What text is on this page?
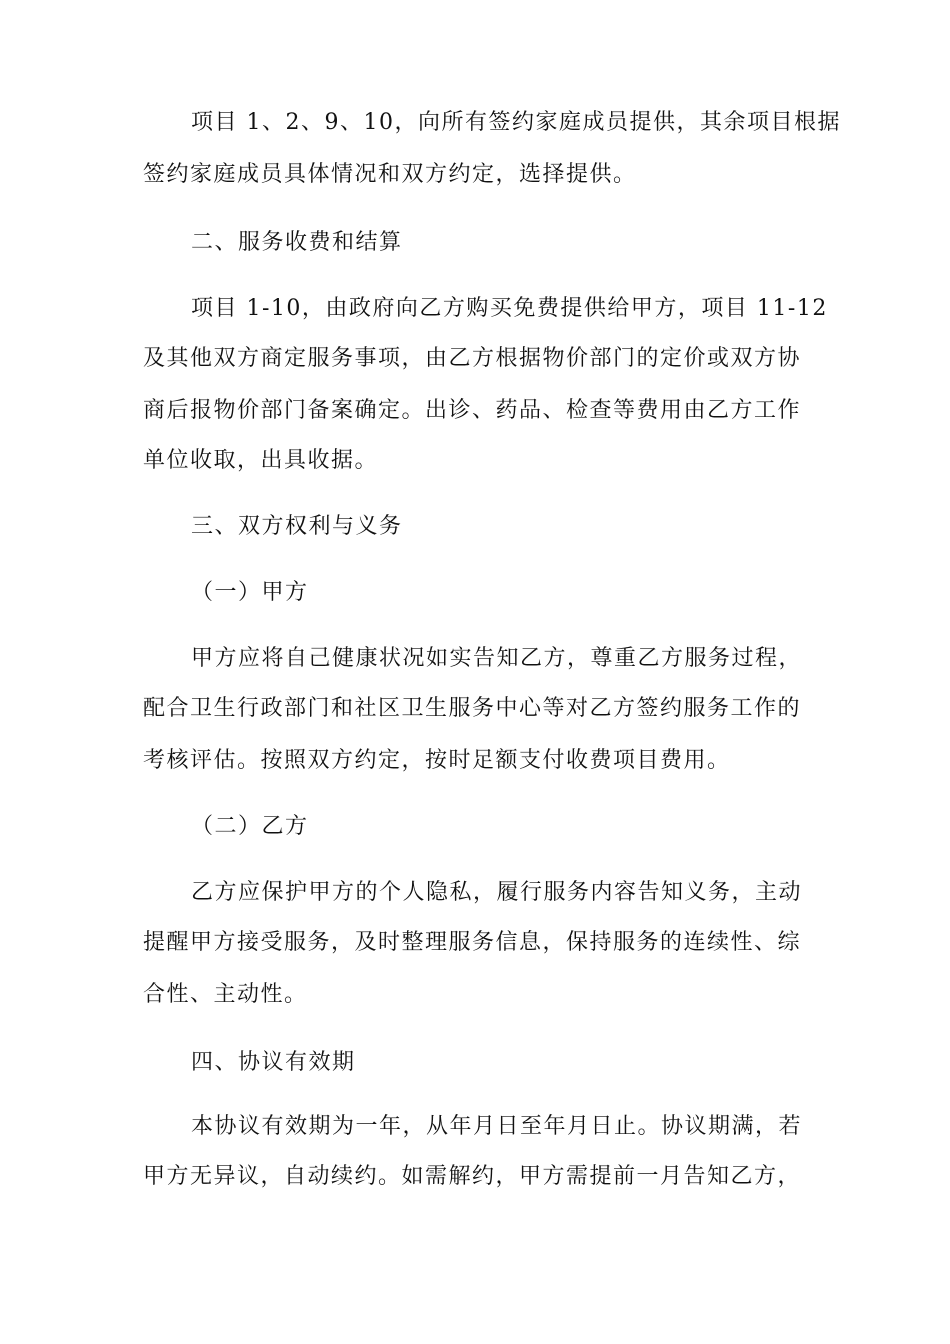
项目 1、2、9、10，向所有签约家庭成员提供，其余项目根据

签约家庭成员具体情况和双方约定，选择提供。

二、服务收费和结算

项目 1-10，由政府向乙方购买免费提供给甲方，项目 11-12

及其他双方商定服务事项，由乙方根据物价部门的定价或双方协

商后报物价部门备案确定。出诊、药品、检查等费用由乙方工作

单位收取，出具收据。

三、双方权利与义务

（一）甲方

甲方应将自己健康状况如实告知乙方，尊重乙方服务过程，

配合卫生行政部门和社区卫生服务中心等对乙方签约服务工作的

考核评估。按照双方约定，按时足额支付收费项目费用。

（二）乙方

乙方应保护甲方的个人隐私，履行服务内容告知义务，主动

提醒甲方接受服务，及时整理服务信息，保持服务的连续性、综

合性、主动性。

四、协议有效期

本协议有效期为一年，从年月日至年月日止。协议期满，若

甲方无异议，自动续约。如需解约，甲方需提前一月告知乙方，
